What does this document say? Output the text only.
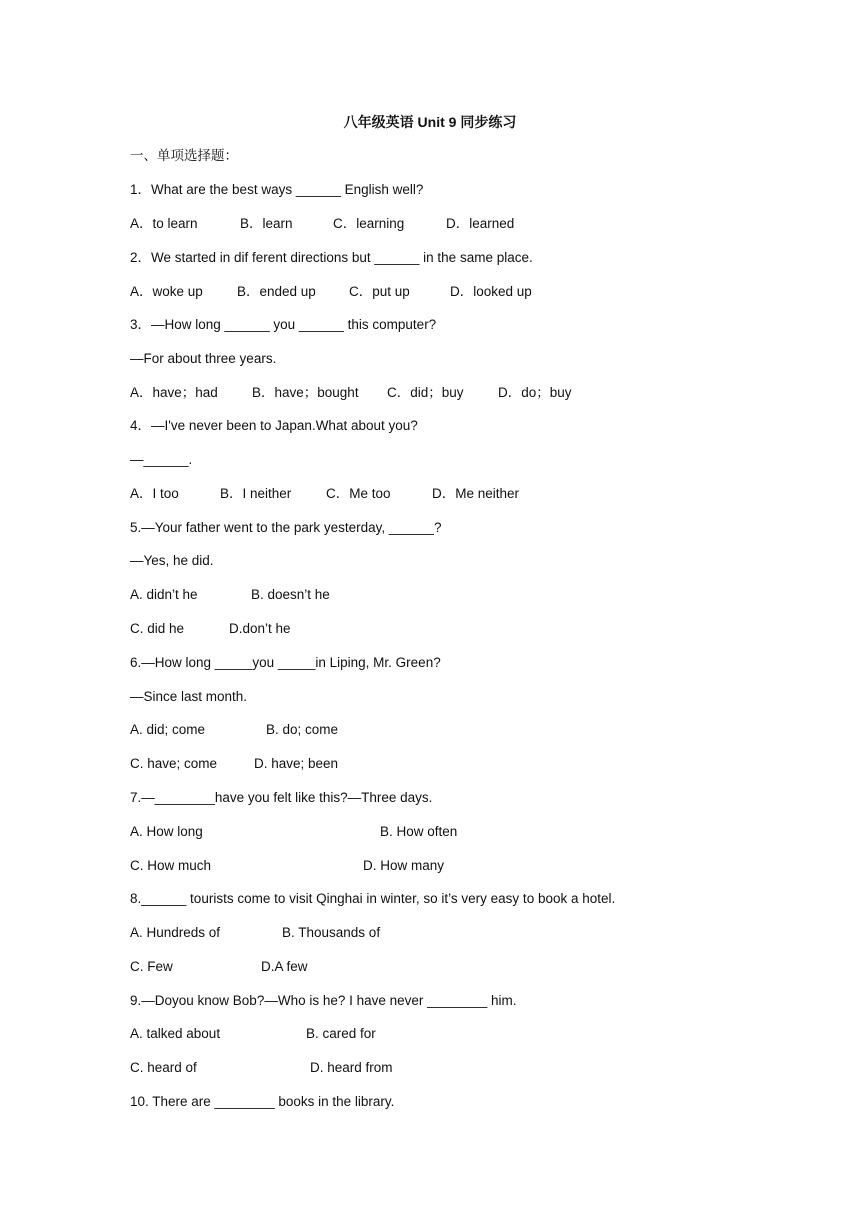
八年级英语 Unit 9 同步练习
一、单项选择题：
1．What are the best ways ______ English well?
A．to learn	B．learn	C．learning	D．learned
2．We started in dif ferent directions but ______ in the same place.
A．woke up	B．ended up C．put up	D．looked up
3．—How long ______ you ______ this computer?
—For about three years.
A．have；had	B．have；bought C．did；buy	D．do；buy
4．—I've never been to Japan.What about you?
—______.
A．I too	B．I neither	C．Me too	D．Me neither
5.—Your father went to the park yesterday, ______?
—Yes, he did.
A. didn’t he	B. doesn’t he
C. did he	D.don’t he
6.—How long _____you _____in Liping, Mr. Green?
—Since last month.
A. did; come	B. do; come
C. have; come	D. have; been
7.—________have you felt like this?—Three days.
A. How long	B. How often
C. How much	D. How many
8.______ tourists come to visit Qinghai in winter, so it’s very easy to book a hotel.
A. Hundreds of	B. Thousands of
C. Few	D.A few
9.—Doyou know Bob?—Who is he? I have never ________ him.
A. talked about	B. cared for
C. heard of	D. heard from
10. There are ________ books in the library.
